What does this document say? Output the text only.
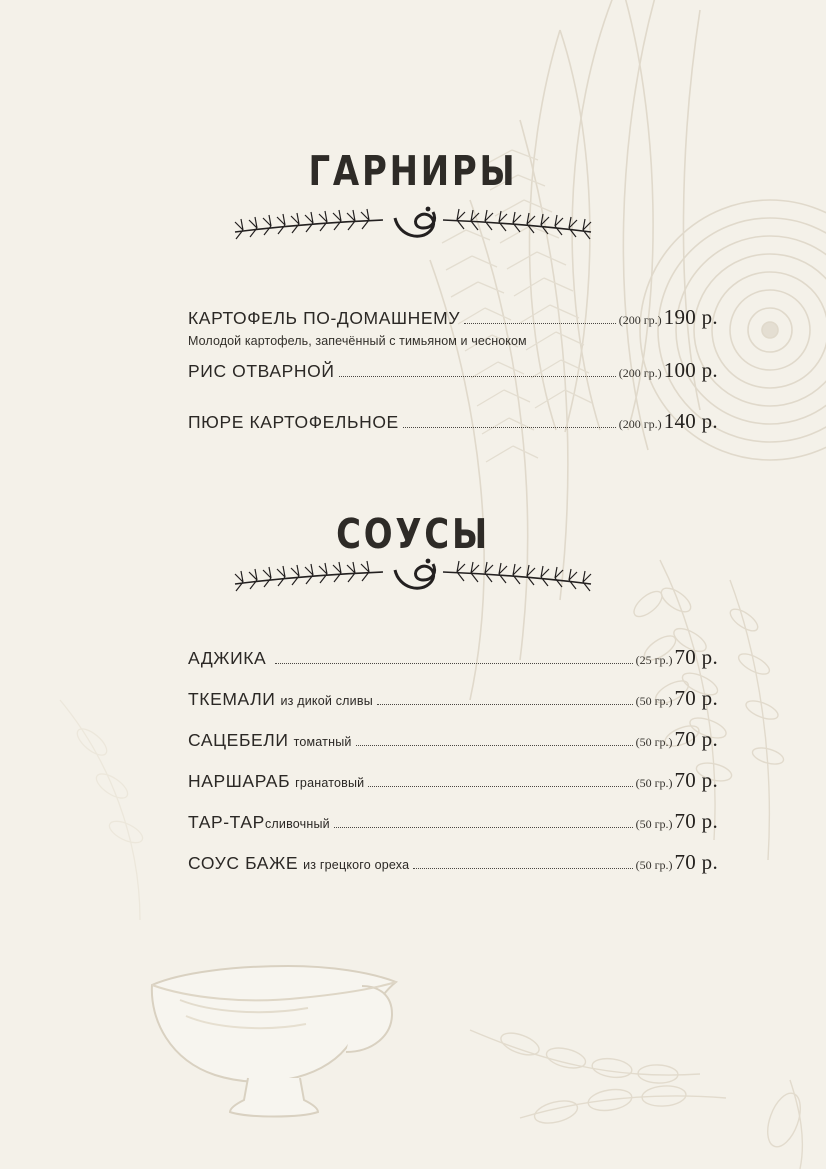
ГАРНИРЫ
КАРТОФЕЛЬ ПО-ДОМАШНЕМУ	(200 гр.) 190 р.
Молодой картофель, запечённый с тимьяном и чесноком
РИС ОТВАРНОЙ	(200 гр.) 100 р.
ПЮРЕ КАРТОФЕЛЬНОЕ	(200 гр.) 140 р.
СОУСЫ
АДЖИКА	(25 гр.) 70 р.
ТКЕМАЛИ из дикой сливы	(50 гр.) 70 р.
САЦЕБЕЛИ томатный	(50 гр.) 70 р.
НАРШАРАБ гранатовый	(50 гр.) 70 р.
ТАР-ТАР сливочный	(50 гр.) 70 р.
СОУС БАЖЕ из грецкого ореха	(50 гр.) 70 р.
